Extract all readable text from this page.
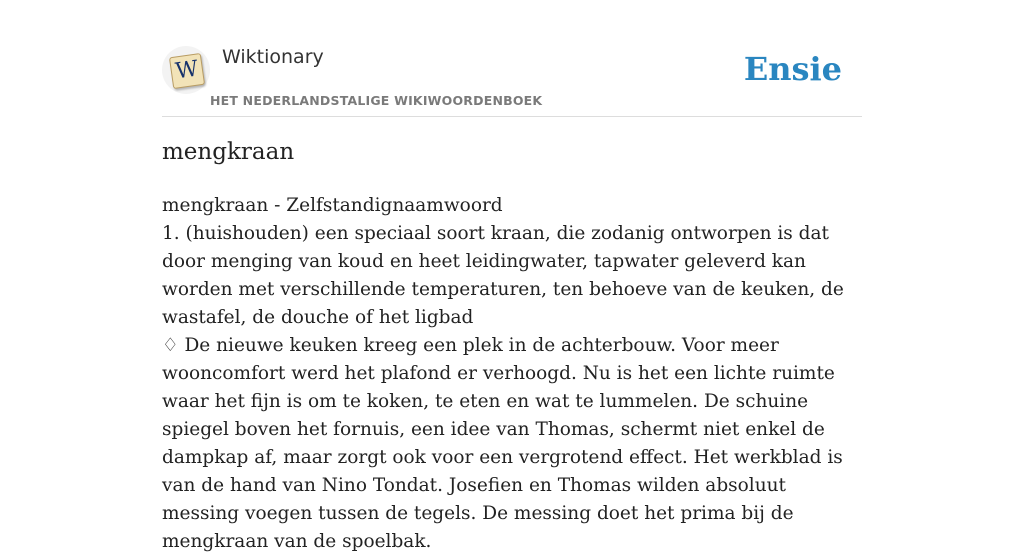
W Wiktionary
HET NEDERLANDSTALIGE WIKIWOORDENBOEK
Ensie
mengkraan

mengkraan - Zelfstandignaamwoord

1. (huishouden) een speciaal soort kraan, die zodanig ontworpen is dat door menging van koud en heet leidingwater, tapwater geleverd kan worden met verschillende temperaturen, ten behoeve van de keuken, de wastafel, de douche of het ligbad

♢ De nieuwe keuken kreeg een plek in de achterbouw. Voor meer wooncomfort werd het plafond er verhoogd. Nu is het een lichte ruimte waar het fijn is om te koken, te eten en wat te lummelen. De schuine spiegel boven het fornuis, een idee van Thomas, schermt niet enkel de dampkap af, maar zorgt ook voor een vergrotend effect. Het werkblad is van de hand van Nino Tondat. Josefien en Thomas wilden absoluut messing voegen tussen de tegels. De messing doet het prima bij de mengkraan van de spoelbak.
